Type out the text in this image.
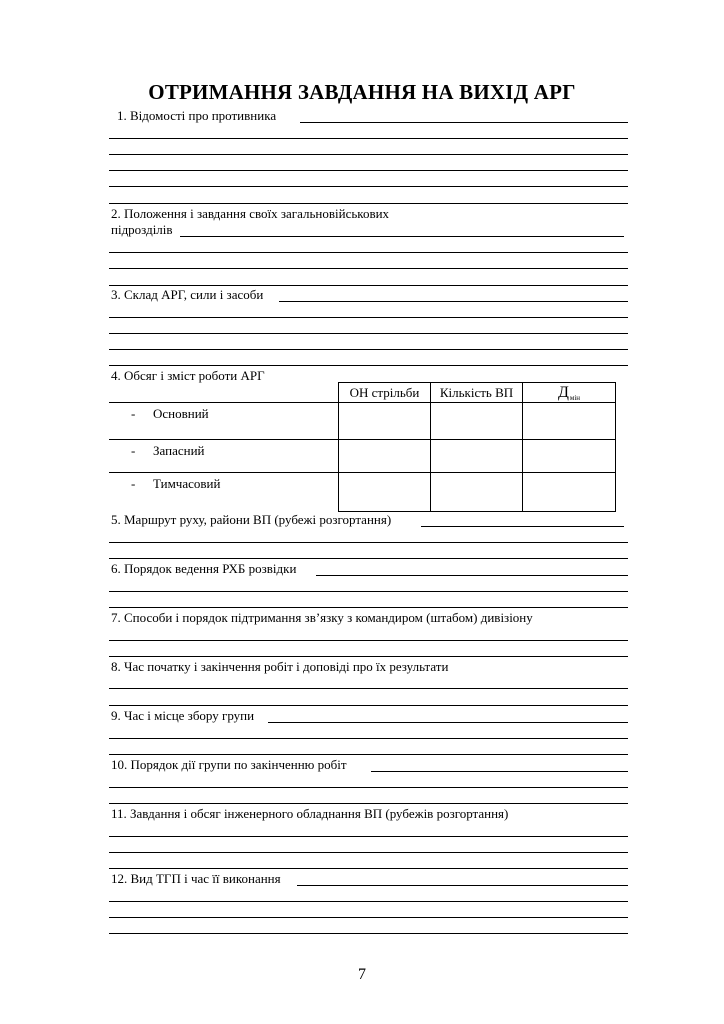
ОТРИМАННЯ ЗАВДАННЯ НА ВИХІД АРГ
1. Відомості про противника
2. Положення і завдання своїх загальновійськових
підрозділів
3. Склад АРГ, сили і засоби
4. Обсяг і зміст роботи АРГ
ОН стрільби	Кількість ВП	$Д_{мін}$
- Основний
- Запасний
- Тимчасовий
5. Маршрут руху, райони ВП (рубежі розгортання)
6. Порядок ведення РХБ розвідки
7. Способи і порядок підтримання зв’язку з командиром (штабом) дивізіону
8. Час початку і закінчення робіт і доповіді про їх результати
9. Час і місце збору групи
10. Порядок дії групи по закінченню робіт
11. Завдання і обсяг інженерного обладнання ВП (рубежів розгортання)
12. Вид ТГП і час її виконання
7
